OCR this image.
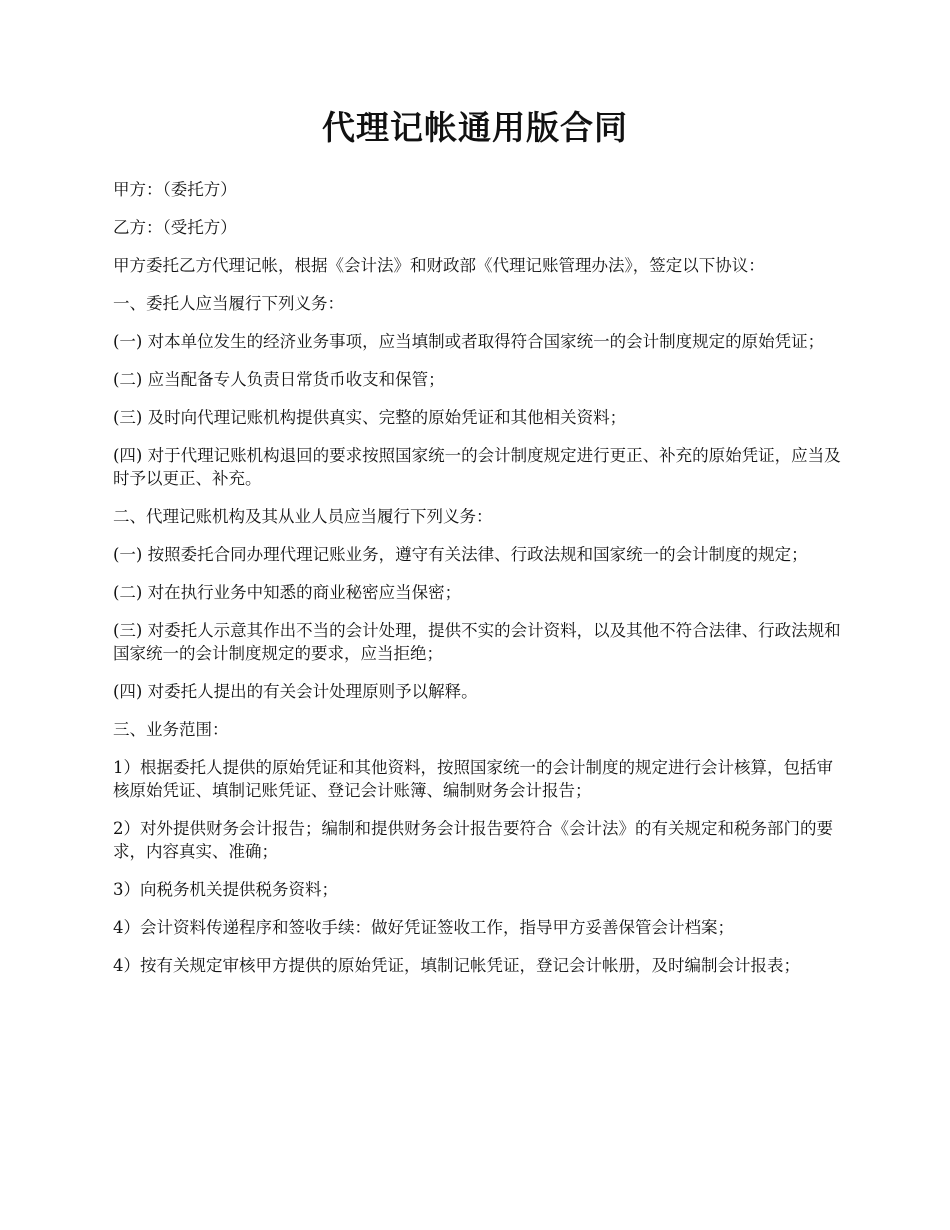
代理记帐通用版合同

甲方：（委托方）

乙方：（受托方）

甲方委托乙方代理记帐，根据《会计法》和财政部《代理记账管理办法》，签定以下协议：

一、委托人应当履行下列义务：

(一) 对本单位发生的经济业务事项，应当填制或者取得符合国家统一的会计制度规定的原始凭证；

(二) 应当配备专人负责日常货币收支和保管；

(三) 及时向代理记账机构提供真实、完整的原始凭证和其他相关资料；

(四) 对于代理记账机构退回的要求按照国家统一的会计制度规定进行更正、补充的原始凭证，应当及时予以更正、补充。

二、代理记账机构及其从业人员应当履行下列义务：

(一) 按照委托合同办理代理记账业务，遵守有关法律、行政法规和国家统一的会计制度的规定；

(二) 对在执行业务中知悉的商业秘密应当保密；

(三) 对委托人示意其作出不当的会计处理，提供不实的会计资料，以及其他不符合法律、行政法规和国家统一的会计制度规定的要求，应当拒绝；

(四) 对委托人提出的有关会计处理原则予以解释。

三、业务范围：

1）根据委托人提供的原始凭证和其他资料，按照国家统一的会计制度的规定进行会计核算，包括审核原始凭证、填制记账凭证、登记会计账簿、编制财务会计报告；

2）对外提供财务会计报告；编制和提供财务会计报告要符合《会计法》的有关规定和税务部门的要求，内容真实、准确；

3）向税务机关提供税务资料；

4）会计资料传递程序和签收手续：做好凭证签收工作，指导甲方妥善保管会计档案；

4）按有关规定审核甲方提供的原始凭证，填制记帐凭证，登记会计帐册，及时编制会计报表；
